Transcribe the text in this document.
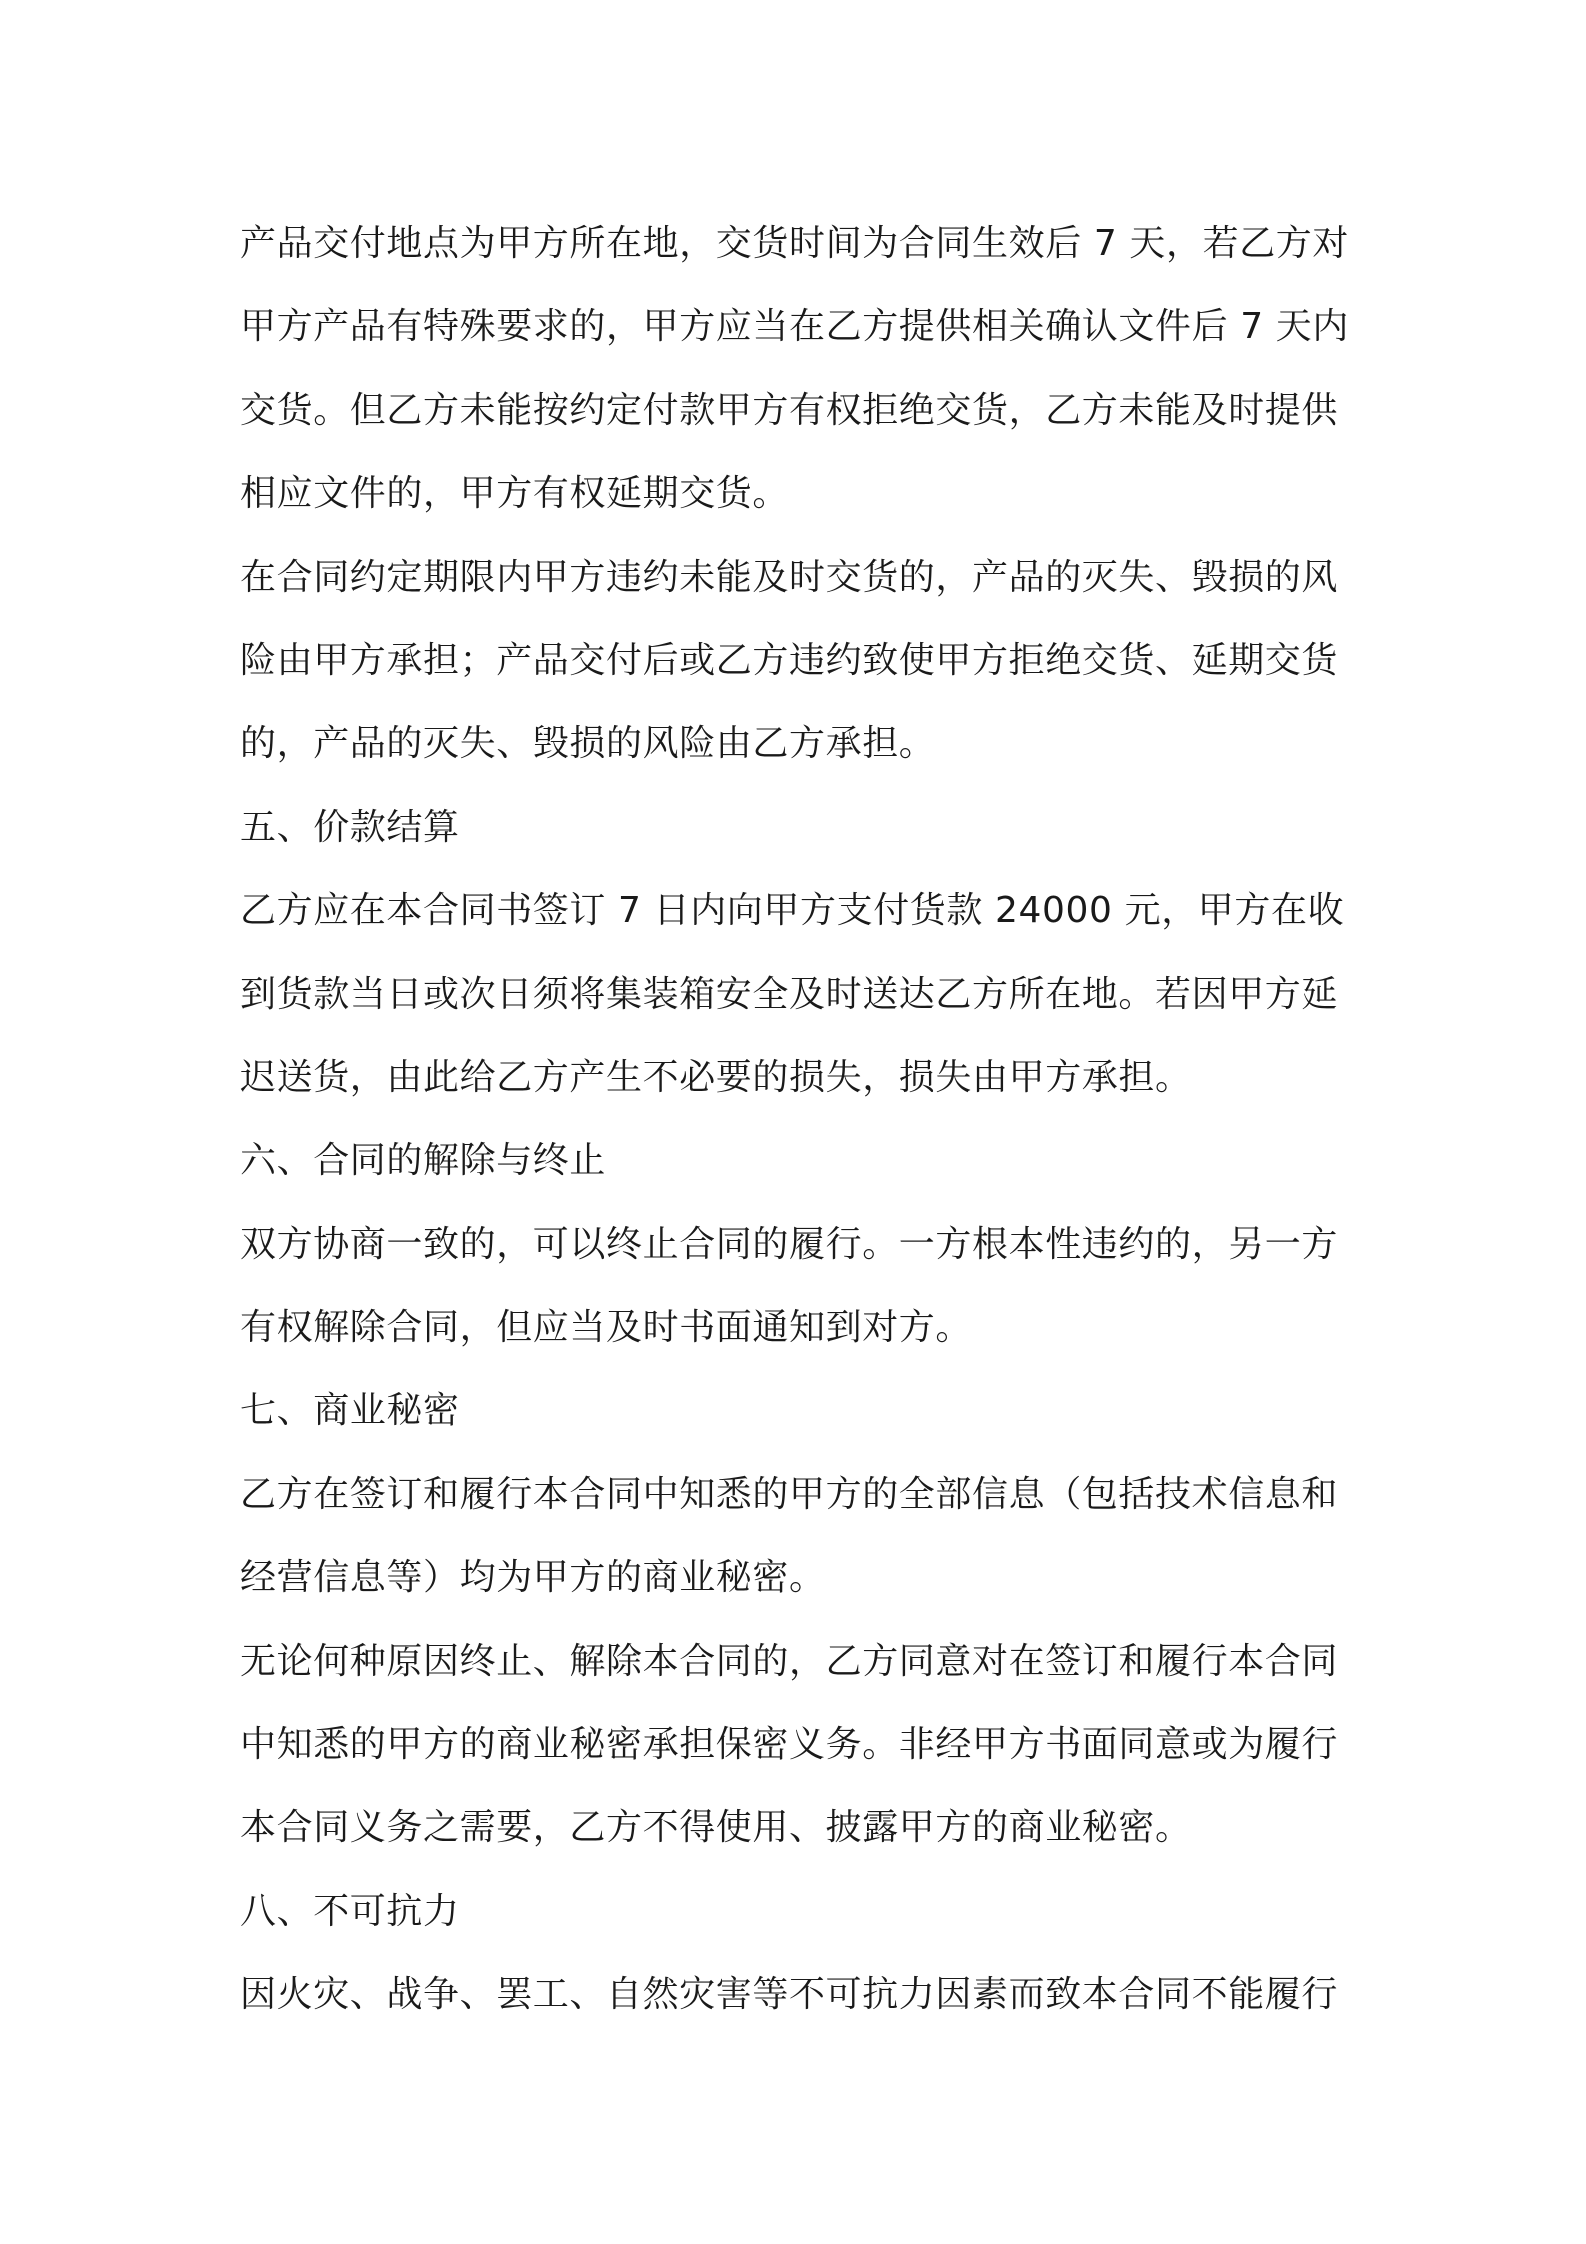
产品交付地点为甲方所在地，交货时间为合同生效后 7 天，若乙方对
甲方产品有特殊要求的，甲方应当在乙方提供相关确认文件后 7 天内
交货。但乙方未能按约定付款甲方有权拒绝交货，乙方未能及时提供
相应文件的，甲方有权延期交货。
在合同约定期限内甲方违约未能及时交货的，产品的灭失、毁损的风
险由甲方承担；产品交付后或乙方违约致使甲方拒绝交货、延期交货
的，产品的灭失、毁损的风险由乙方承担。
五、价款结算
乙方应在本合同书签订 7 日内向甲方支付货款 24000 元，甲方在收
到货款当日或次日须将集装箱安全及时送达乙方所在地。若因甲方延
迟送货，由此给乙方产生不必要的损失，损失由甲方承担。
六、合同的解除与终止
双方协商一致的，可以终止合同的履行。一方根本性违约的，另一方
有权解除合同，但应当及时书面通知到对方。
七、商业秘密
乙方在签订和履行本合同中知悉的甲方的全部信息（包括技术信息和
经营信息等）均为甲方的商业秘密。
无论何种原因终止、解除本合同的，乙方同意对在签订和履行本合同
中知悉的甲方的商业秘密承担保密义务。非经甲方书面同意或为履行
本合同义务之需要，乙方不得使用、披露甲方的商业秘密。
八、不可抗力
因火灾、战争、罢工、自然灾害等不可抗力因素而致本合同不能履行
